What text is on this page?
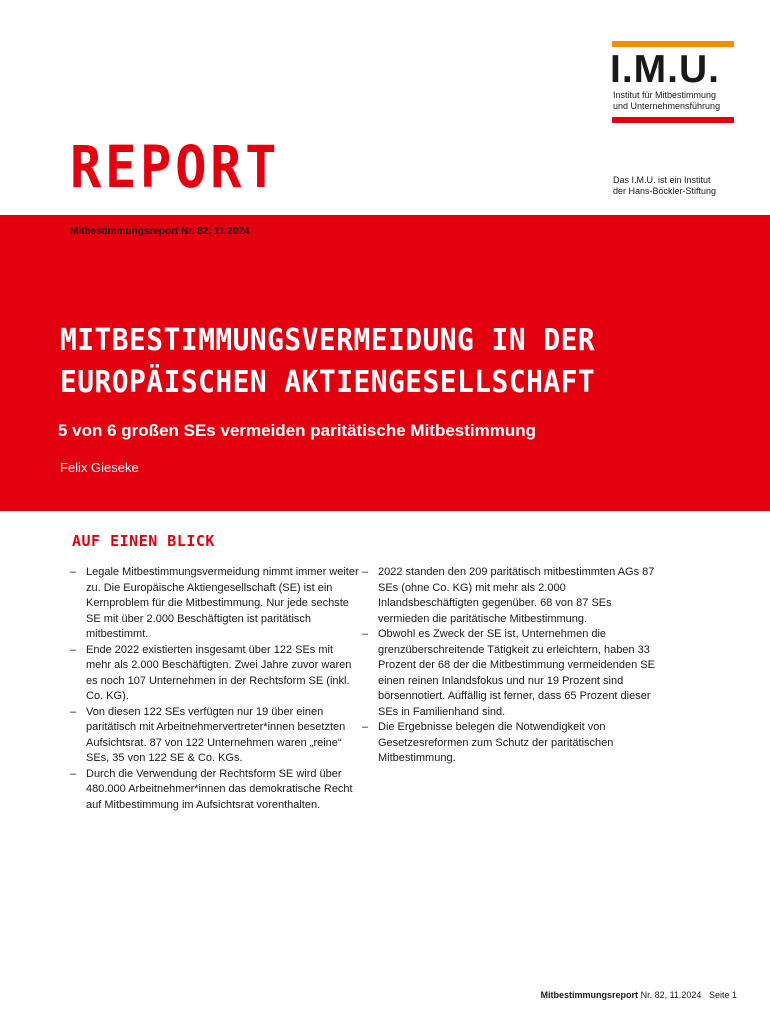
REPORT
I.M.U.
Institut für Mitbestimmung
und Unternehmensführung
Das I.M.U. ist ein Institut
der Hans-Böckler-Stiftung
Mitbestimmungsreport Nr. 82, 11.2024
MITBESTIMMUNGSVERMEIDUNG IN DER
EUROPÄISCHEN AKTIENGESELLSCHAFT
5 von 6 großen SEs vermeiden paritätische Mitbestimmung
Felix Gieseke
AUF EINEN BLICK

– Legale Mitbestimmungsvermeidung nimmt immer weiter zu. Die Europäische Aktiengesellschaft (SE) ist ein Kernproblem für die Mitbestimmung. Nur jede sechste SE mit über 2.000 Beschäftigten ist paritätisch mitbestimmt.

– Ende 2022 existierten insgesamt über 122 SEs mit mehr als 2.000 Beschäftigten. Zwei Jahre zuvor waren es noch 107 Unternehmen in der Rechtsform SE (inkl. Co. KG).

– Von diesen 122 SEs verfügten nur 19 über einen paritätisch mit Arbeitnehmervertreter*innen besetzten Aufsichtsrat. 87 von 122 Unternehmen waren „reine“ SEs, 35 von 122 SE & Co. KGs.

– Durch die Verwendung der Rechtsform SE wird über 480.000 Arbeitnehmer*innen das demokratische Recht auf Mitbestimmung im Aufsichtsrat vorenthalten.

– 2022 standen den 209 paritätisch mitbestimmten AGs 87 SEs (ohne Co. KG) mit mehr als 2.000 Inlandsbeschäftigten gegenüber. 68 von 87 SEs vermieden die paritätische Mitbestimmung.

– Obwohl es Zweck der SE ist, Unternehmen die grenzüberschreitende Tätigkeit zu erleichtern, haben 33 Prozent der 68 der die Mitbestimmung vermeidenden SE einen reinen Inlandsfokus und nur 19 Prozent sind börsennotiert. Auffällig ist ferner, dass 65 Prozent dieser SEs in Familienhand sind.

– Die Ergebnisse belegen die Notwendigkeit von Gesetzesreformen zum Schutz der paritätischen Mitbestimmung.

Mitbestimmungsreport Nr. 82, 11.2024 Seite 1
